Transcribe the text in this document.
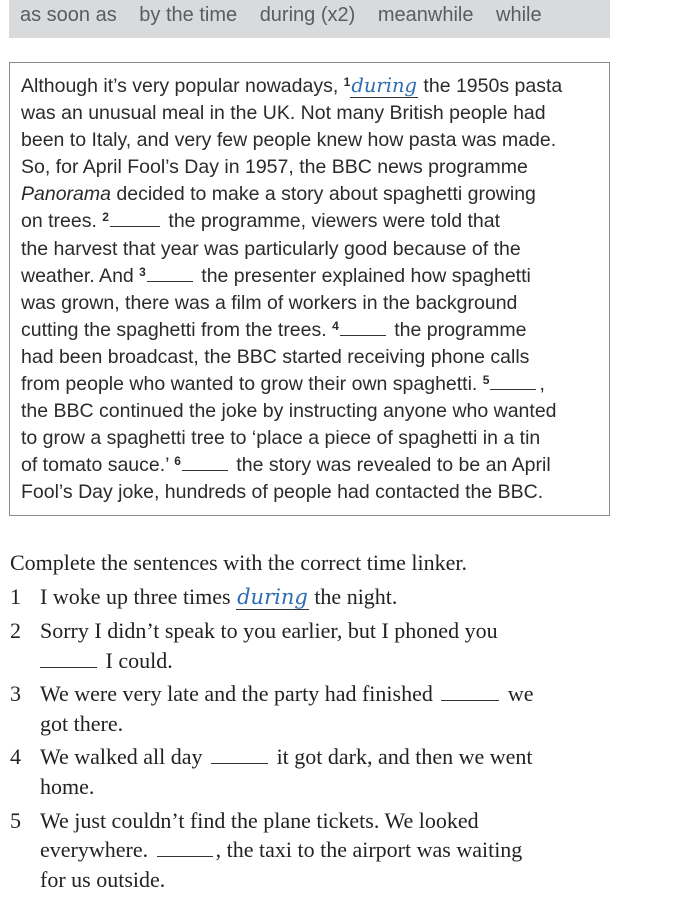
as soon as by the time during (x2) meanwhile while
Although it’s very popular nowadays, $^1$during the 1950s pasta
was an unusual meal in the UK. Not many British people had
been to Italy, and very few people knew how pasta was made.
So, for April Fool’s Day in 1957, the BBC news programme
Panorama decided to make a story about spaghetti growing
on trees. $^2$	the programme, viewers were told that
the harvest that year was particularly good because of the
weather. And $^3$	the presenter explained how spaghetti
was grown, there was a film of workers in the background
cutting the spaghetti from the trees. $^4$	the programme
had been broadcast, the BBC started receiving phone calls
from people who wanted to grow their own spaghetti. $^5$	,
the BBC continued the joke by instructing anyone who wanted
to grow a spaghetti tree to ‘place a piece of spaghetti in a tin
of tomato sauce.’ $^6$	the story was revealed to be an April
Fool’s Day joke, hundreds of people had contacted the BBC.
Complete the sentences with the correct time linker.
1 I woke up three times during the night.
2 Sorry I didn’t speak to you earlier, but I phoned you
I could.
3 We were very late and the party had finished	we
got there.
4 We walked all day	it got dark, and then we went
home.
5 We just couldn’t find the plane tickets. We looked
everywhere.	, the taxi to the airport was waiting
for us outside.
